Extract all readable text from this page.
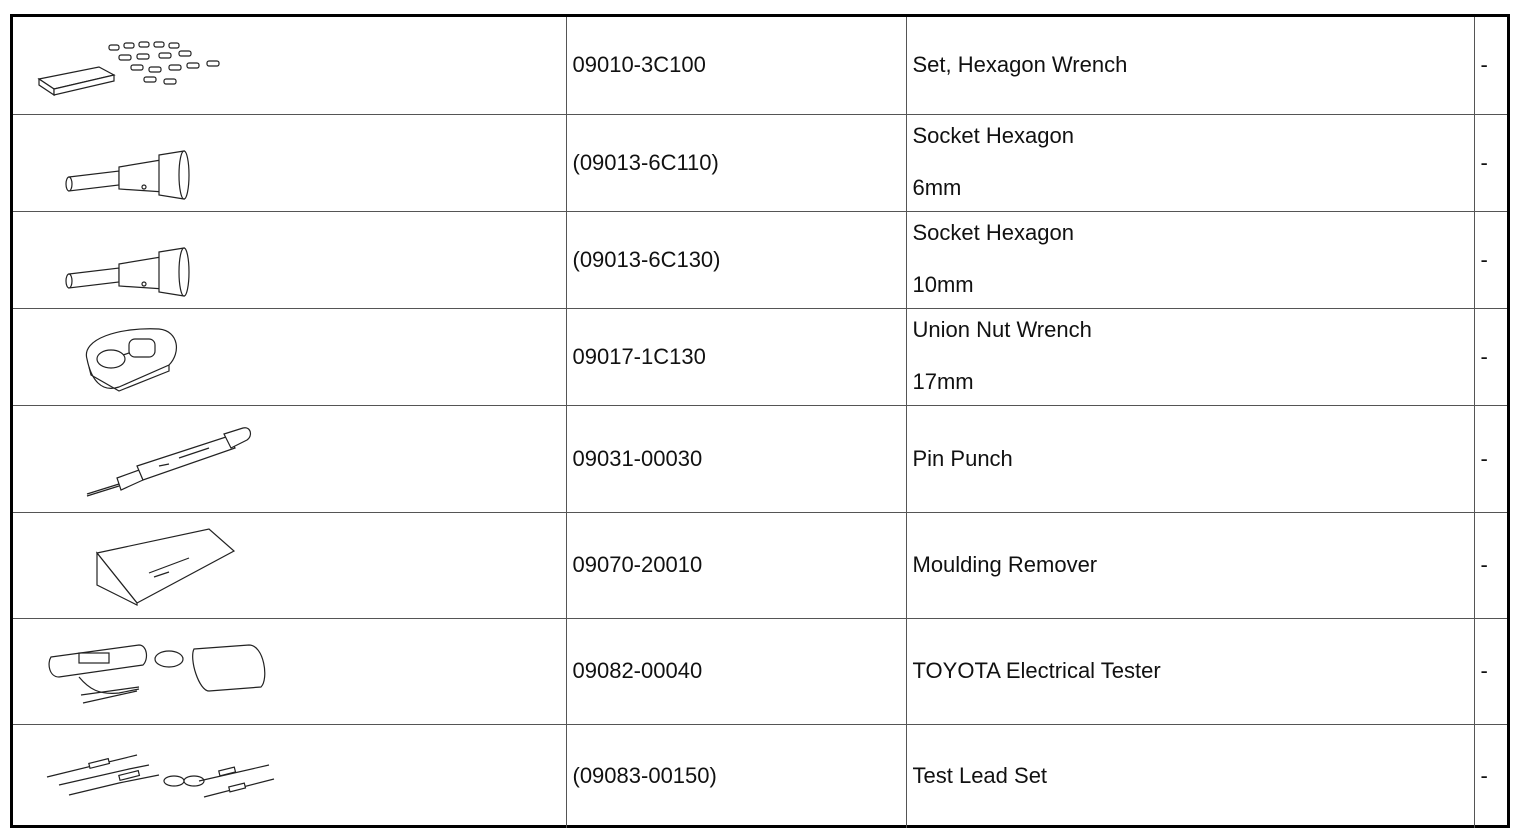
	09010-3C100	Set, Hexagon Wrench	-

	(09013-6C110)	Socket Hexagon
6mm	-

	(09013-6C130)	Socket Hexagon
10mm	-

	09017-1C130	Union Nut Wrench
17mm	-

	09031-00030	Pin Punch	-

	09070-20010	Moulding Remover	-

	09082-00040	TOYOTA Electrical Tester	-

	(09083-00150)	Test Lead Set	-
